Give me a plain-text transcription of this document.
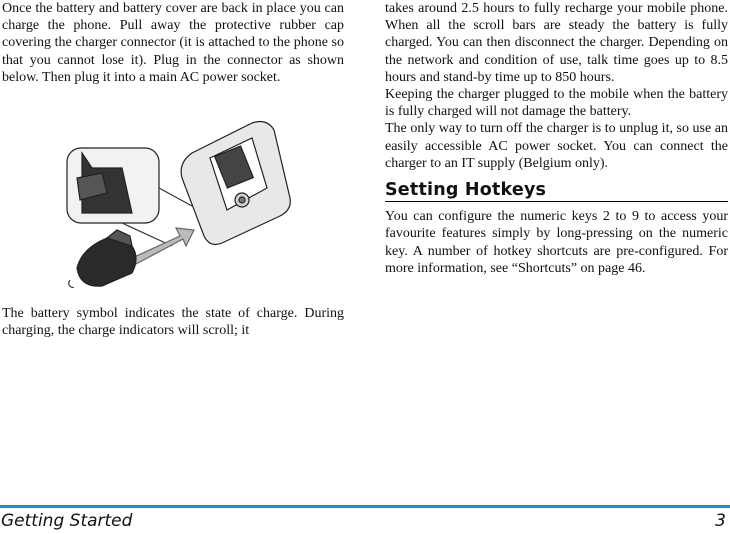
Once the battery and battery cover are back in place you can charge the phone. Pull away the protective rubber cap covering the charger connector (it is attached to the phone so that you cannot lose it). Plug in the connector as shown below. Then plug it into a main AC power socket.

The battery symbol indicates the state of charge. During charging, the charge indicators will scroll; it

takes around 2.5 hours to fully recharge your mobile phone. When all the scroll bars are steady the battery is fully charged. You can then disconnect the charger. Depending on the network and condition of use, talk time goes up to 8.5 hours and stand-by time up to 850 hours.

Keeping the charger plugged to the mobile when the battery is fully charged will not damage the battery.

The only way to turn off the charger is to unplug it, so use an easily accessible AC power socket. You can connect the charger to an IT supply (Belgium only).

Setting Hotkeys

You can configure the numeric keys 2 to 9 to access your favourite features simply by long-pressing on the numeric key. A number of hotkey shortcuts are pre-configured. For more information, see “Shortcuts” on page 46.

Getting Started	3
